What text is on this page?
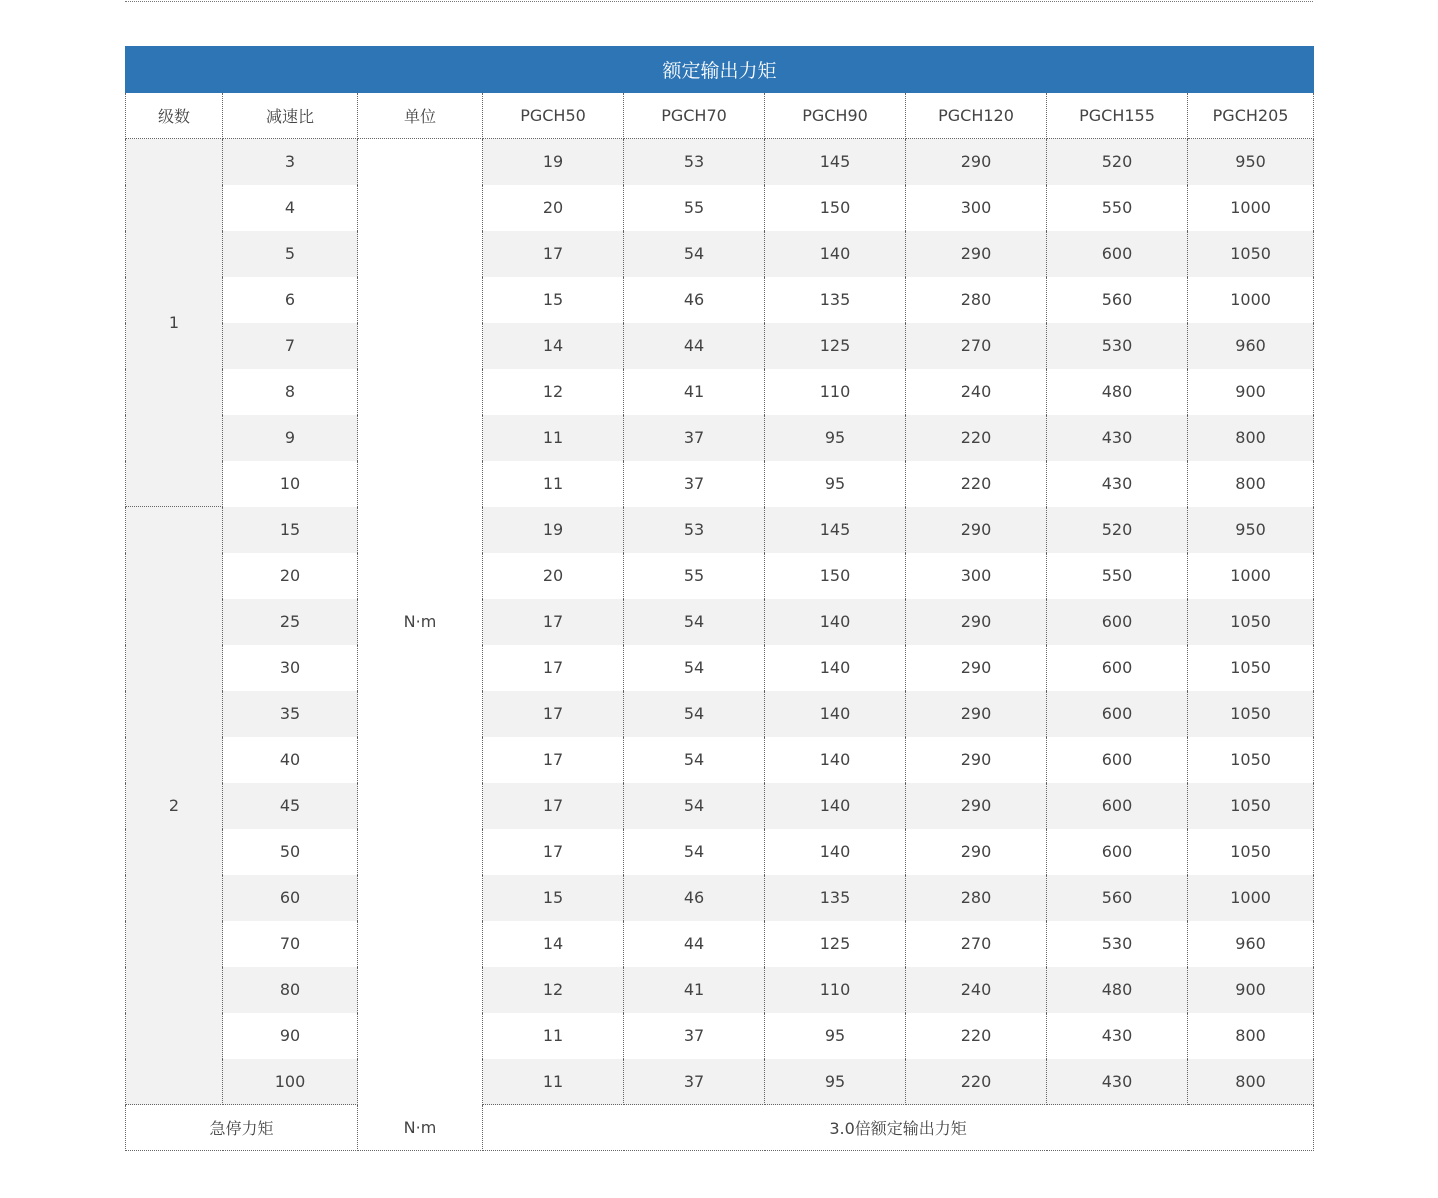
额定输出力矩								
级数	减速比	单位	PGCH50	PGCH70	PGCH90	PGCH120	PGCH155	PGCH205
1	3	N·m	19	53	145	290	520	950
	4		20	55	150	300	550	1000
	5		17	54	140	290	600	1050
	6		15	46	135	280	560	1000
	7		14	44	125	270	530	960
	8		12	41	110	240	480	900
	9		11	37	95	220	430	800
	10		11	37	95	220	430	800
2	15		19	53	145	290	520	950
	20		20	55	150	300	550	1000
	25		17	54	140	290	600	1050
	30		17	54	140	290	600	1050
	35		17	54	140	290	600	1050
	40		17	54	140	290	600	1050
	45		17	54	140	290	600	1050
	50		17	54	140	290	600	1050
	60		15	46	135	280	560	1000
	70		14	44	125	270	530	960
	80		12	41	110	240	480	900
	90		11	37	95	220	430	800
	100		11	37	95	220	430	800
急停力矩		N·m	3.0倍额定输出力矩					
